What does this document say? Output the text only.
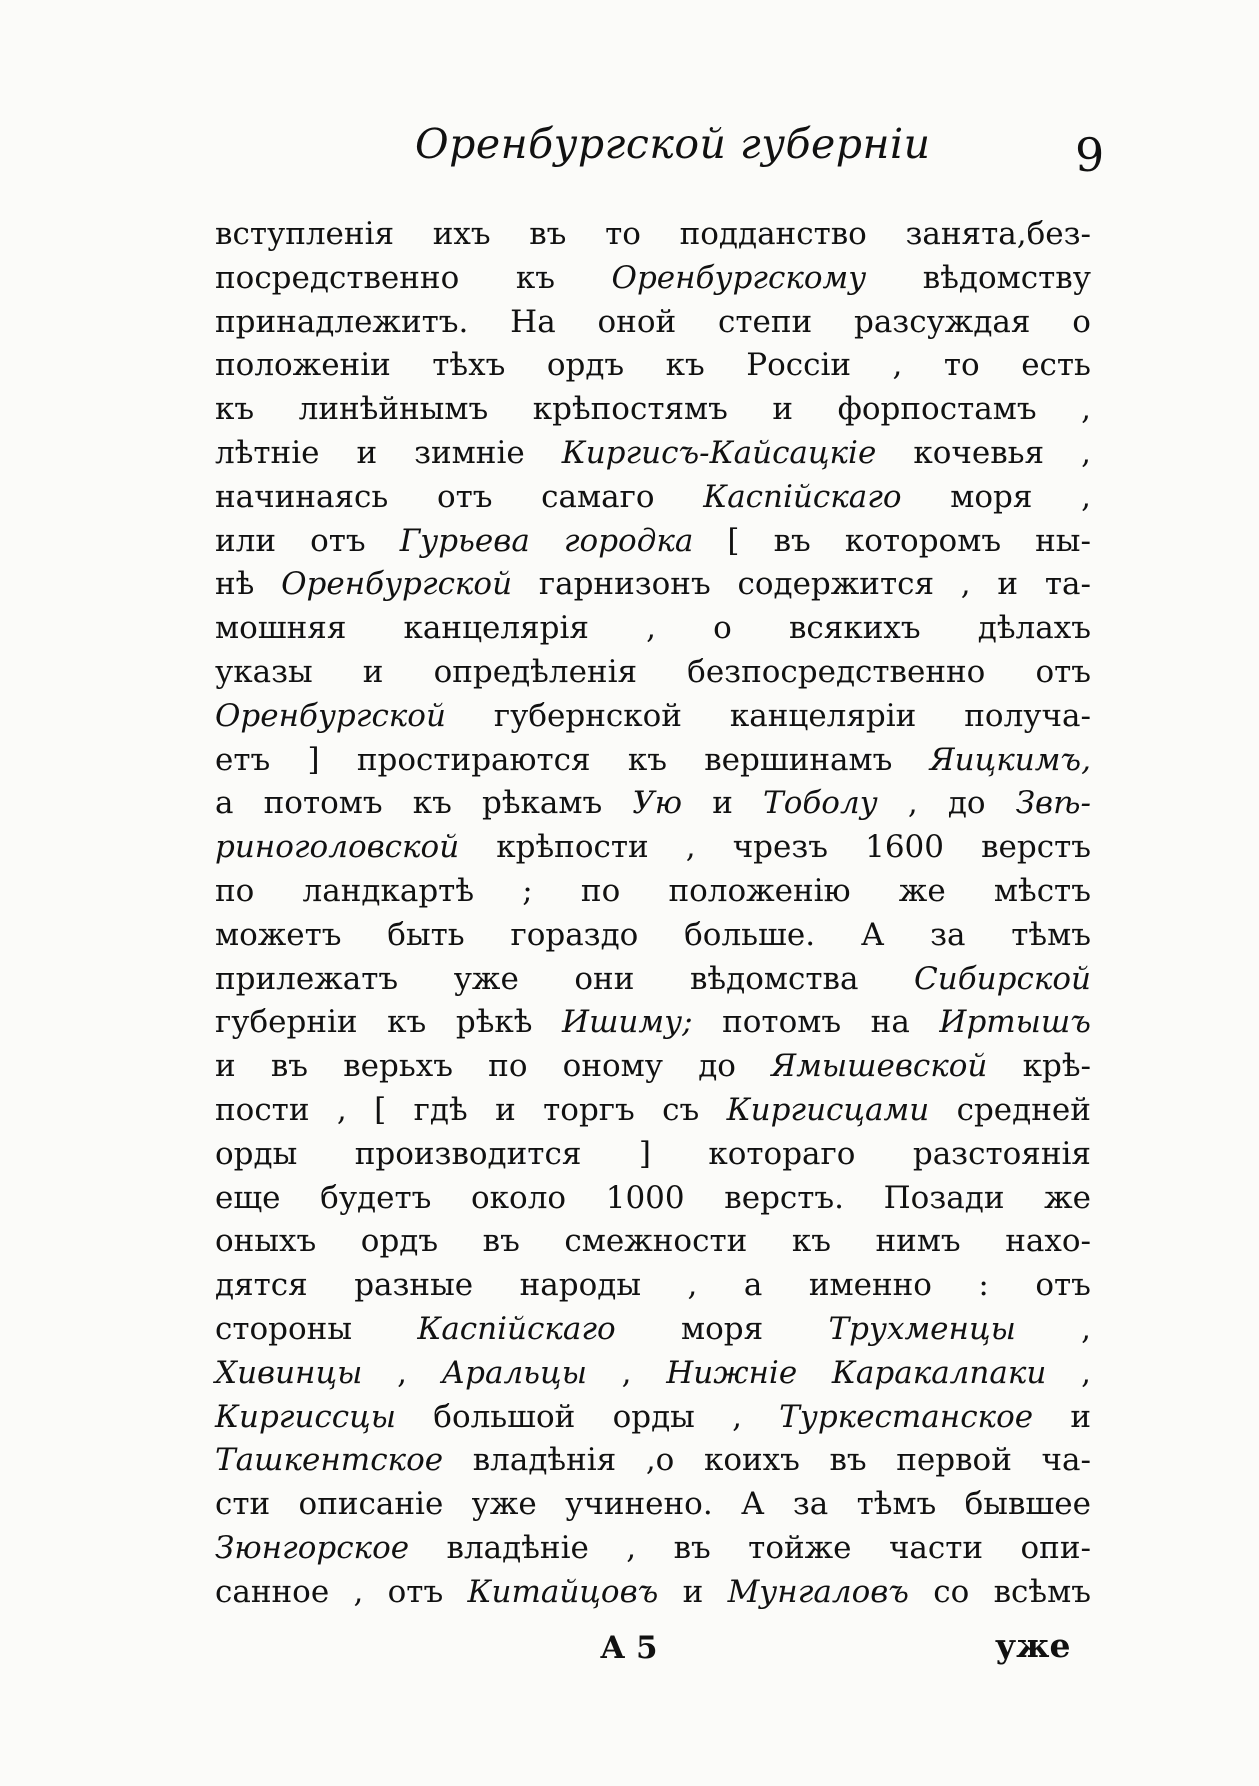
Оренбургской губерніи	9
вступленія ихъ въ то подданство занята,без-
посредственно къ Оренбургскому вѣдомству
принадлежитъ. На оной степи разсуждая о
положеніи тѣхъ ордъ къ Россіи , то есть
къ линѣйнымъ крѣпостямъ и форпостамъ ,
лѣтніе и зимніе Киргисъ-Кайсацкіе кочевья ,
начинаясь отъ самаго Каспійскаго моря ,
или отъ Гурьева городка [ въ которомъ ны-
нѣ Оренбургской гарнизонъ содержится , и та-
мошняя канцелярія , о всякихъ дѣлахъ
указы и опредѣленія безпосредственно отъ
Оренбургской губернской канцеляріи получа-
етъ ] простираются къ вершинамъ Яицкимъ,
а потомъ къ рѣкамъ Ую и Тоболу , до Звѣ-
риноголовской крѣпости , чрезъ 1600 верстъ
по ландкартѣ ; по положенію же мѣстъ
можетъ быть гораздо больше. А за тѣмъ
прилежатъ уже они вѣдомства Сибирской
губерніи къ рѣкѣ Ишиму; потомъ на Иртышъ
и въ верьхъ по оному до Ямышевской крѣ-
пости , [ гдѣ и торгъ съ Киргисцами средней
орды производится ] котораго разстоянія
еще будетъ около 1000 верстъ. Позади же
оныхъ ордъ въ смежности къ нимъ нахо-
дятся разные народы , а именно : отъ
стороны Каспійскаго моря Трухменцы ,
Хивинцы , Аральцы , Нижніе Каракалпаки ,
Киргиссцы большой орды , Туркестанское и
Ташкентское владѣнія ,о коихъ въ первой ча-
сти описаніе уже учинено. А за тѣмъ бывшее
Зюнгорское владѣніе , въ тойже части опи-
санное , отъ Китайцовъ и Мунгаловъ со всѣмъ
А 5	уже
